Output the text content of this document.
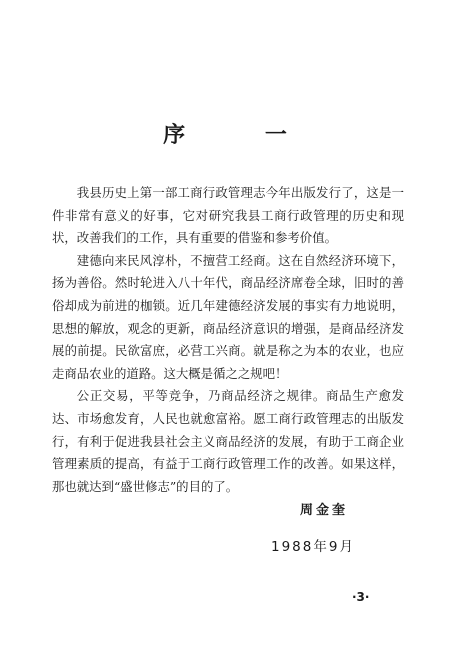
序 一

我县历史上第一部工商行政管理志今年出版发行了，这是一件非常有意义的好事，它对研究我县工商行政管理的历史和现状，改善我们的工作，具有重要的借鉴和参考价值。

建德向来民风淳朴，不擅营工经商。这在自然经济环境下，扬为善俗。然时轮进入八十年代，商品经济席卷全球，旧时的善俗却成为前进的枷锁。近几年建德经济发展的事实有力地说明，思想的解放，观念的更新，商品经济意识的增强，是商品经济发展的前提。民欲富庶，必营工兴商。就是称之为本的农业，也应走商品农业的道路。这大概是循之之规吧！

公正交易，平等竞争，乃商品经济之规律。商品生产愈发达、市场愈发育，人民也就愈富裕。愿工商行政管理志的出版发行，有利于促进我县社会主义商品经济的发展，有助于工商企业管理素质的提高，有益于工商行政管理工作的改善。如果这样，那也就达到“盛世修志”的目的了。

周金奎
1988年9月
·3·
